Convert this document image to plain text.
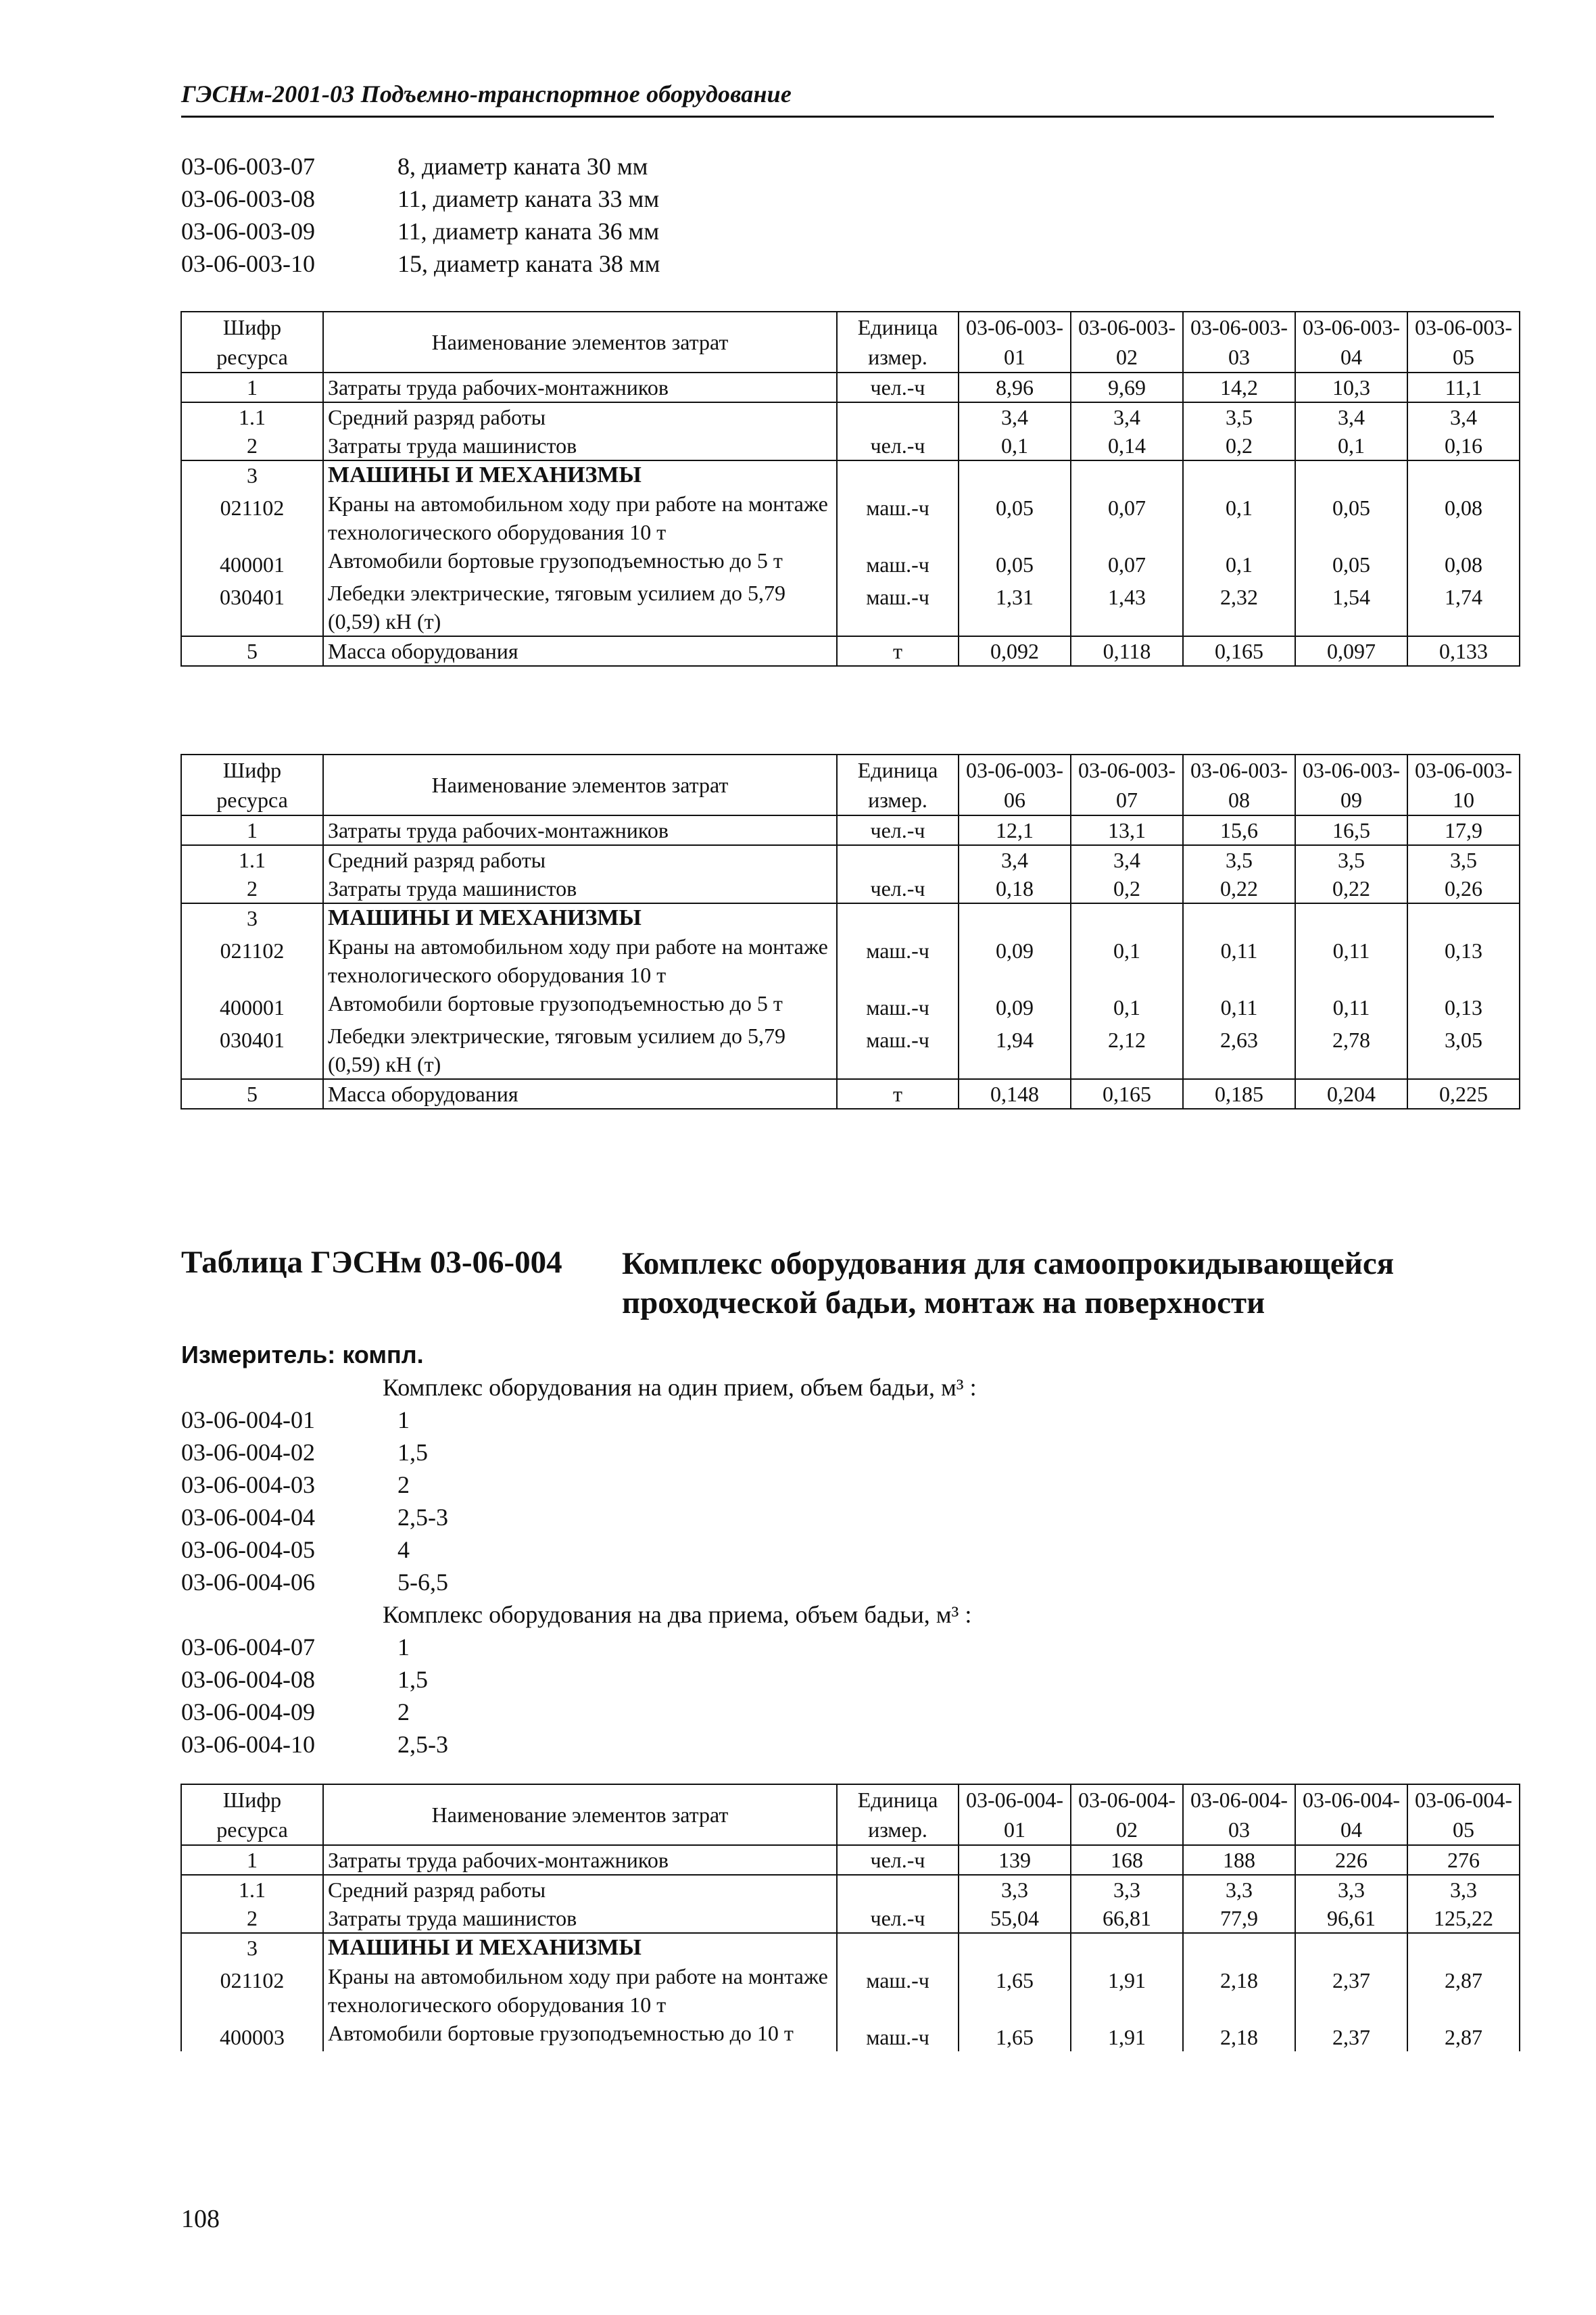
ГЭСНм-2001-03 Подъемно-транспортное оборудование
03-06-003-07	8, диаметр каната 30 мм
03-06-003-08	11, диаметр каната 33 мм
03-06-003-09	11, диаметр каната 36 мм
03-06-003-10	15, диаметр каната 38 мм
Шифр ресурса	Наименование элементов затрат	Единица измер.	03-06-003-01	03-06-003-02	03-06-003-03	03-06-003-04	03-06-003-05
1	Затраты труда рабочих-монтажников	чел.-ч	8,96	9,69	14,2	10,3	11,1
1.1	Средний разряд работы		3,4	3,4	3,5	3,4	3,4
2	Затраты труда машинистов	чел.-ч	0,1	0,14	0,2	0,1	0,16
3	МАШИНЫ И МЕХАНИЗМЫ						
021102	Краны на автомобильном ходу при работе на монтаже технологического оборудования 10 т	маш.-ч	0,05	0,07	0,1	0,05	0,08
400001	Автомобили бортовые грузоподъемностью до 5 т	маш.-ч	0,05	0,07	0,1	0,05	0,08
030401	Лебедки электрические, тяговым усилием до 5,79 (0,59) кН (т)	маш.-ч	1,31	1,43	2,32	1,54	1,74
5	Масса оборудования	т	0,092	0,118	0,165	0,097	0,133
Шифр ресурса	Наименование элементов затрат	Единица измер.	03-06-003-06	03-06-003-07	03-06-003-08	03-06-003-09	03-06-003-10
1	Затраты труда рабочих-монтажников	чел.-ч	12,1	13,1	15,6	16,5	17,9
1.1	Средний разряд работы		3,4	3,4	3,5	3,5	3,5
2	Затраты труда машинистов	чел.-ч	0,18	0,2	0,22	0,22	0,26
3	МАШИНЫ И МЕХАНИЗМЫ						
021102	Краны на автомобильном ходу при работе на монтаже технологического оборудования 10 т	маш.-ч	0,09	0,1	0,11	0,11	0,13
400001	Автомобили бортовые грузоподъемностью до 5 т	маш.-ч	0,09	0,1	0,11	0,11	0,13
030401	Лебедки электрические, тяговым усилием до 5,79 (0,59) кН (т)	маш.-ч	1,94	2,12	2,63	2,78	3,05
5	Масса оборудования	т	0,148	0,165	0,185	0,204	0,225
Таблица ГЭСНм 03-06-004 Комплекс оборудования для самоопрокидывающейся проходческой бадьи, монтаж на поверхности
Измеритель: компл.
Комплекс оборудования на один прием, объем бадьи, м³ :
03-06-004-01	1
03-06-004-02	1,5
03-06-004-03	2
03-06-004-04	2,5-3
03-06-004-05	4
03-06-004-06	5-6,5
Комплекс оборудования на два приема, объем бадьи, м³ :
03-06-004-07	1
03-06-004-08	1,5
03-06-004-09	2
03-06-004-10	2,5-3
Шифр ресурса	Наименование элементов затрат	Единица измер.	03-06-004-01	03-06-004-02	03-06-004-03	03-06-004-04	03-06-004-05
1	Затраты труда рабочих-монтажников	чел.-ч	139	168	188	226	276
1.1	Средний разряд работы		3,3	3,3	3,3	3,3	3,3
2	Затраты труда машинистов	чел.-ч	55,04	66,81	77,9	96,61	125,22
3	МАШИНЫ И МЕХАНИЗМЫ						
021102	Краны на автомобильном ходу при работе на монтаже технологического оборудования 10 т	маш.-ч	1,65	1,91	2,18	2,37	2,87
400003	Автомобили бортовые грузоподъемностью до 10 т	маш.-ч	1,65	1,91	2,18	2,37	2,87
108
